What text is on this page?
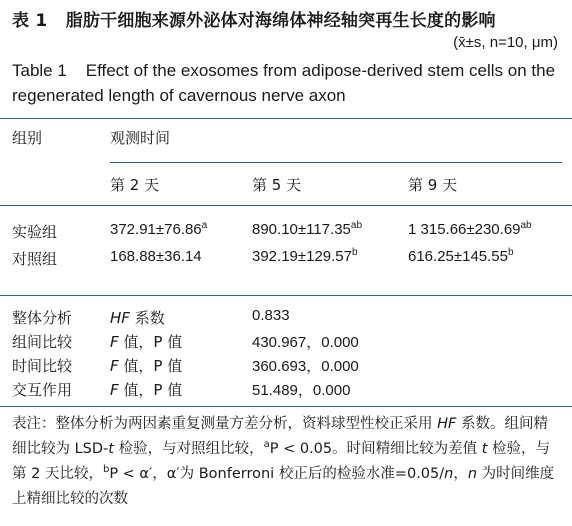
表 1 脂肪干细胞来源外泌体对海绵体神经轴突再生长度的影响
(x̄±s, n=10, μm)
Table 1 Effect of the exosomes from adipose-derived stem cells on the regenerated length of cavernous nerve axon
组别	观测时间
第 2 天	第 5 天	第 9 天
实验组	372.91±76.86$^a$	890.10±117.35$^{ab}$	1 315.66±230.69$^{ab}$
对照组	168.88±36.14	392.19±129.57$^b$	616.25±145.55$^b$
整体分析	HF 系数	0.833
组间比较	F 值，P 值	430.967，0.000
时间比较	F 值，P 值	360.693，0.000
交互作用	F 值，P 值	51.489，0.000
表注：整体分析为两因素重复测量方差分析，资料球型性校正采用 HF 系数。组间精细比较为 LSD-t 检验，与对照组比较，$^a$P < 0.05。时间精细比较为差值 t 检验，与第 2 天比较，$^b$P < α′，α′为 Bonferroni 校正后的检验水准=0.05/n，n 为时间维度上精细比较的次数
